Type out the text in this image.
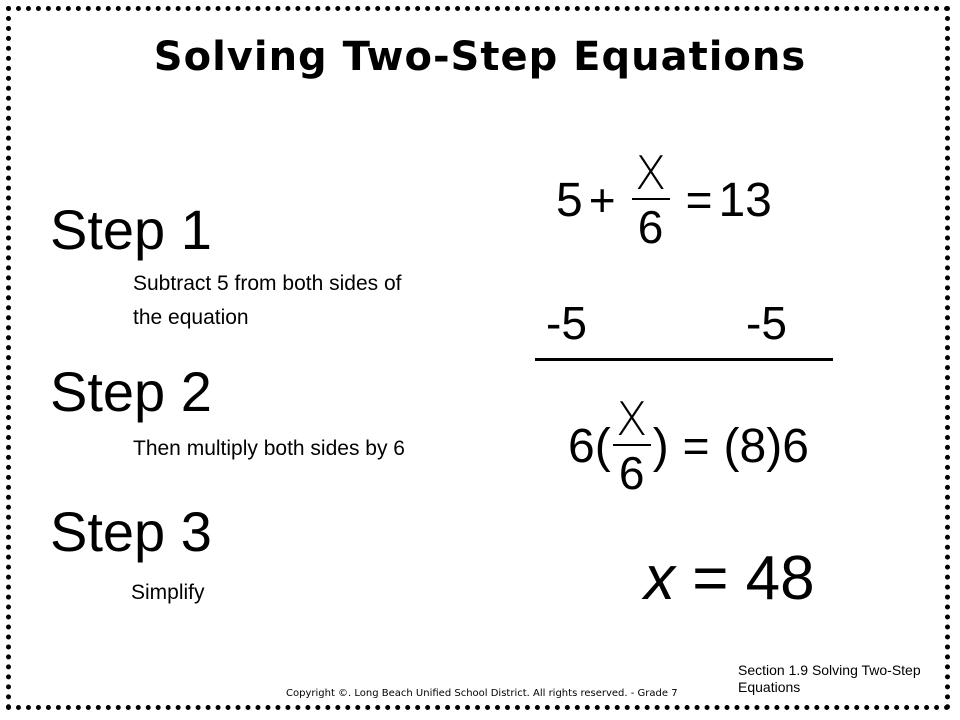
Solving Two-Step Equations
Step 1
Subtract 5 from both sides of
the equation
Step 2
Then multiply both sides by 6
Step 3
Simplify
$5 + \frac{X}{6} = 13$
-5	-5
$6( \frac{X}{6}$ ) = (8)6
x = 48
Copyright ©. Long Beach Unified School District. All rights reserved. - Grade 7
Section 1.9 Solving Two-Step Equations
